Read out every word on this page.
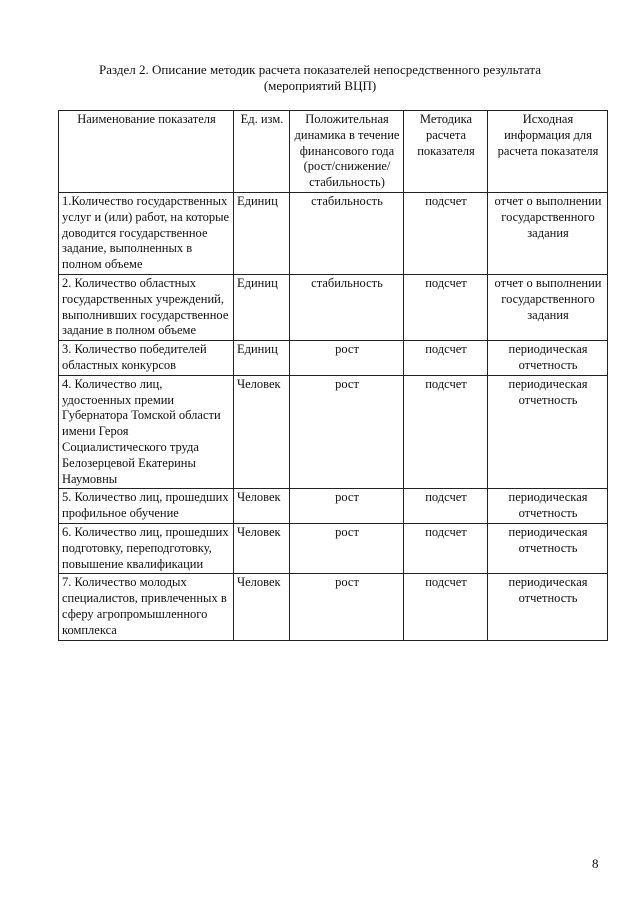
Раздел 2. Описание методик расчета показателей непосредственного результата
(мероприятий ВЦП)
Наименование показателя	Ед. изм.	Положительная динамика в течение финансового года (рост/снижение/ стабильность)	Методика расчета показателя	Исходная информация для расчета показателя
1.Количество государственных услуг и (или) работ, на которые доводится государственное задание, выполненных в полном объеме	Единиц	стабильность	подсчет	отчет о выполнении государственного задания
2. Количество областных государственных учреждений, выполнивших государственное задание в полном объеме	Единиц	стабильность	подсчет	отчет о выполнении государственного задания
3. Количество победителей областных конкурсов	Единиц	рост	подсчет	периодическая отчетность
4. Количество лиц, удостоенных премии Губернатора Томской области имени Героя Социалистического труда Белозерцевой Екатерины Наумовны	Человек	рост	подсчет	периодическая отчетность
5. Количество лиц, прошедших профильное обучение	Человек	рост	подсчет	периодическая отчетность
6. Количество лиц, прошедших подготовку, переподготовку, повышение квалификации	Человек	рост	подсчет	периодическая отчетность
7. Количество молодых специалистов, привлеченных в сферу агропромышленного комплекса	Человек	рост	подсчет	периодическая отчетность
8
